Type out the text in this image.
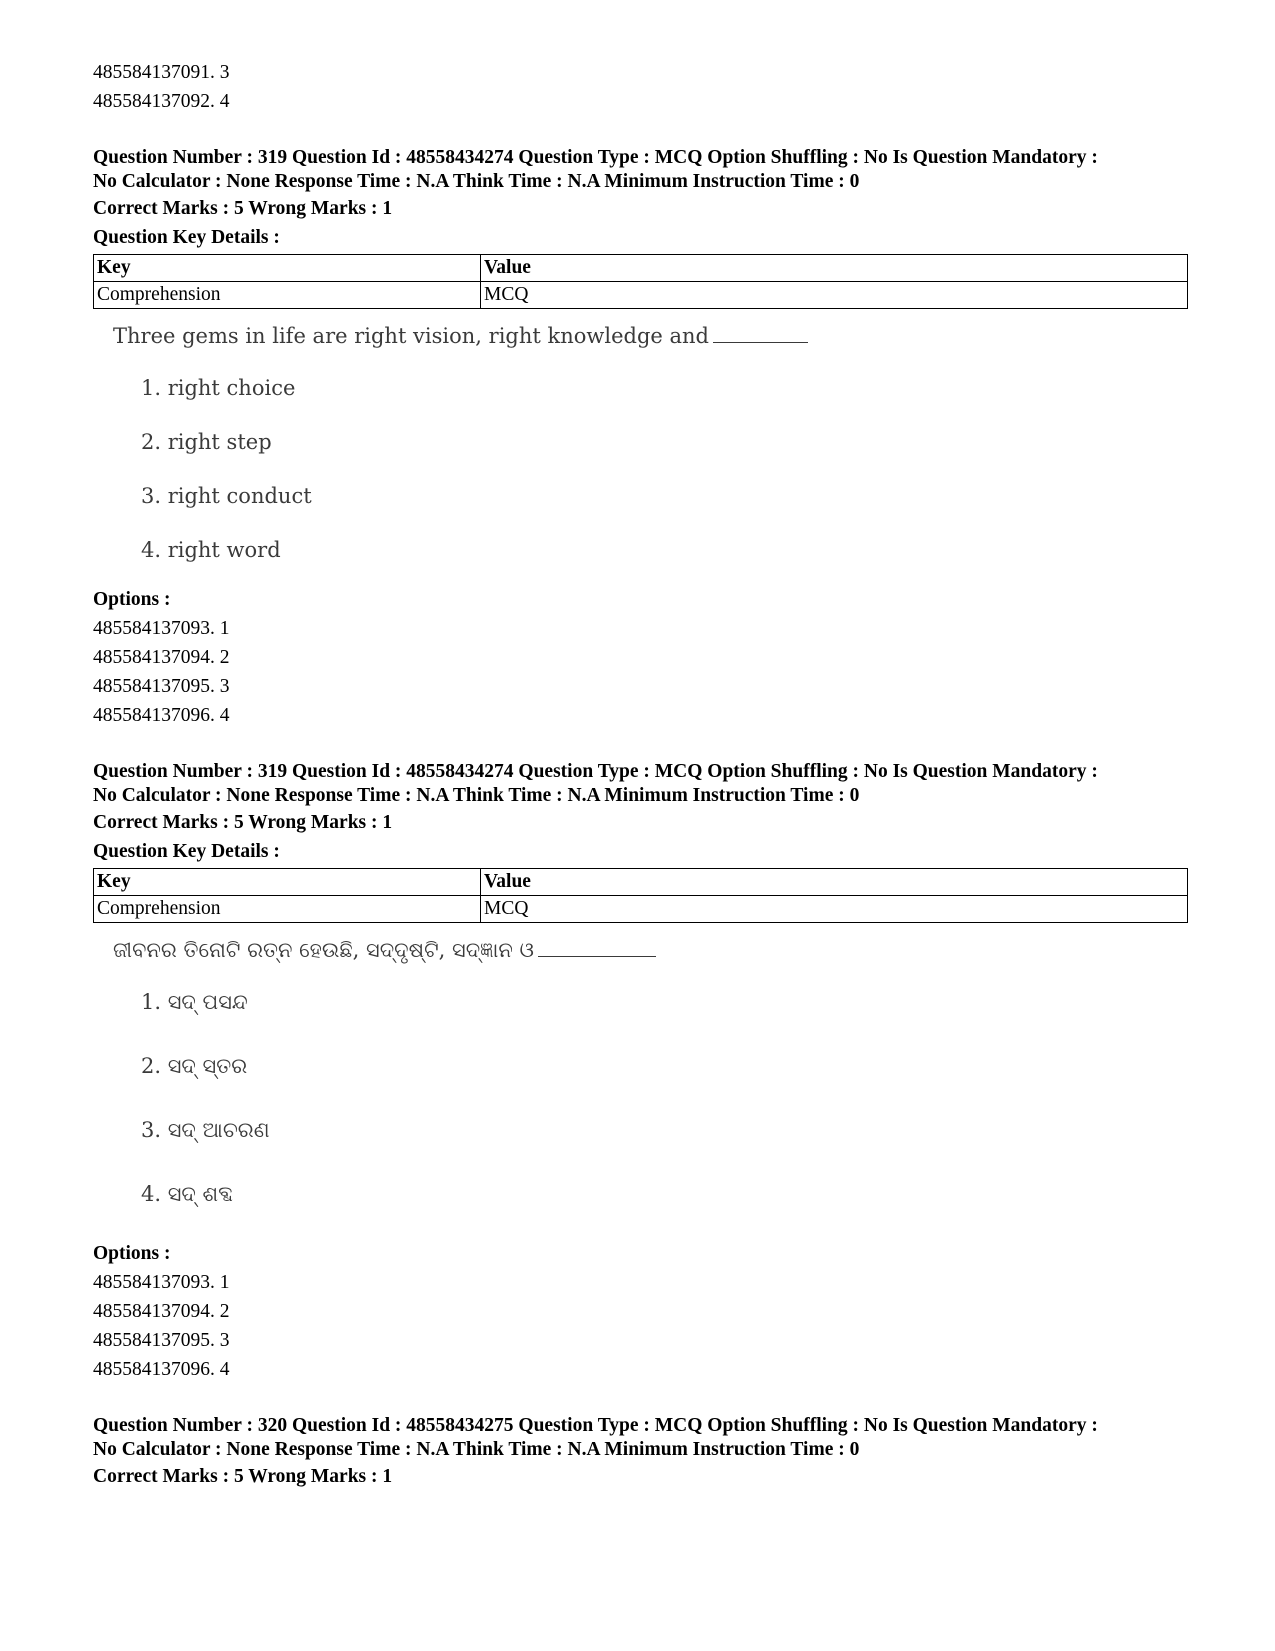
485584137091. 3
485584137092. 4
Question Number : 319 Question Id : 48558434274 Question Type : MCQ Option Shuffling : No Is Question Mandatory :
No Calculator : None Response Time : N.A Think Time : N.A Minimum Instruction Time : 0
Correct Marks : 5 Wrong Marks : 1
Question Key Details :
Key	Value
Comprehension	MCQ
Three gems in life are right vision, right knowledge and
1. right choice
2. right step
3. right conduct
4. right word
Options :
485584137093. 1
485584137094. 2
485584137095. 3
485584137096. 4
Question Number : 319 Question Id : 48558434274 Question Type : MCQ Option Shuffling : No Is Question Mandatory :
No Calculator : None Response Time : N.A Think Time : N.A Minimum Instruction Time : 0
Correct Marks : 5 Wrong Marks : 1
Question Key Details :
Key	Value
Comprehension	MCQ
ଜୀବନର ତିନୋଟି ରତ୍ନ ହେଉଛି, ସଦ୍‌ଦୃଷ୍ଟି, ସଦ୍‌ଜ୍ଞାନ ଓ
1. ସଦ୍ ପସନ୍ଦ
2. ସଦ୍ ସ୍ତର
3. ସଦ୍ ଆଚରଣ
4. ସଦ୍ ଶବ୍ଦ
Options :
485584137093. 1
485584137094. 2
485584137095. 3
485584137096. 4
Question Number : 320 Question Id : 48558434275 Question Type : MCQ Option Shuffling : No Is Question Mandatory :
No Calculator : None Response Time : N.A Think Time : N.A Minimum Instruction Time : 0
Correct Marks : 5 Wrong Marks : 1
